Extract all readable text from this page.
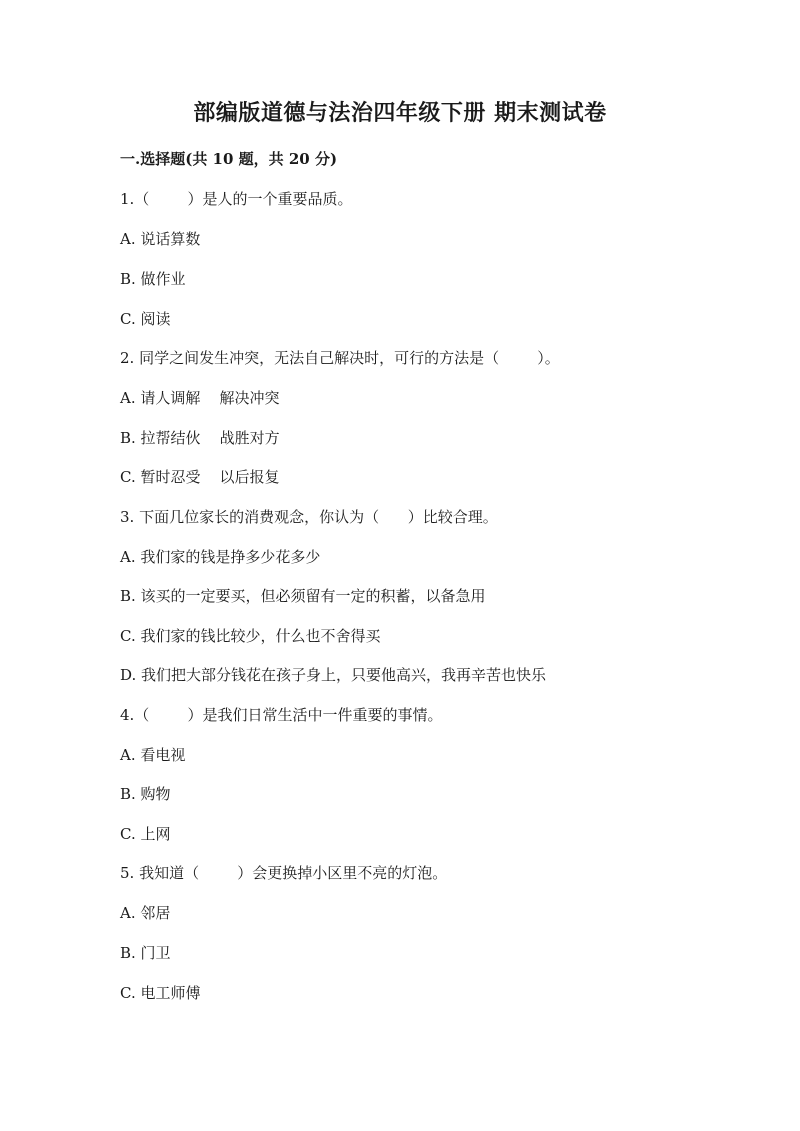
部编版道德与法治四年级下册 期末测试卷
一.选择题(共 10 题，共 20 分)
1.（        ）是人的一个重要品质。
A. 说话算数
B. 做作业
C. 阅读
2. 同学之间发生冲突，无法自己解决时，可行的方法是（        ）。
A. 请人调解    解决冲突
B. 拉帮结伙    战胜对方
C. 暂时忍受    以后报复
3. 下面几位家长的消费观念，你认为（      ）比较合理。
A. 我们家的钱是挣多少花多少
B. 该买的一定要买，但必须留有一定的积蓄，以备急用
C. 我们家的钱比较少，什么也不舍得买
D. 我们把大部分钱花在孩子身上，只要他高兴，我再辛苦也快乐
4.（        ）是我们日常生活中一件重要的事情。
A. 看电视
B. 购物
C. 上网
5. 我知道（        ）会更换掉小区里不亮的灯泡。
A. 邻居
B. 门卫
C. 电工师傅
